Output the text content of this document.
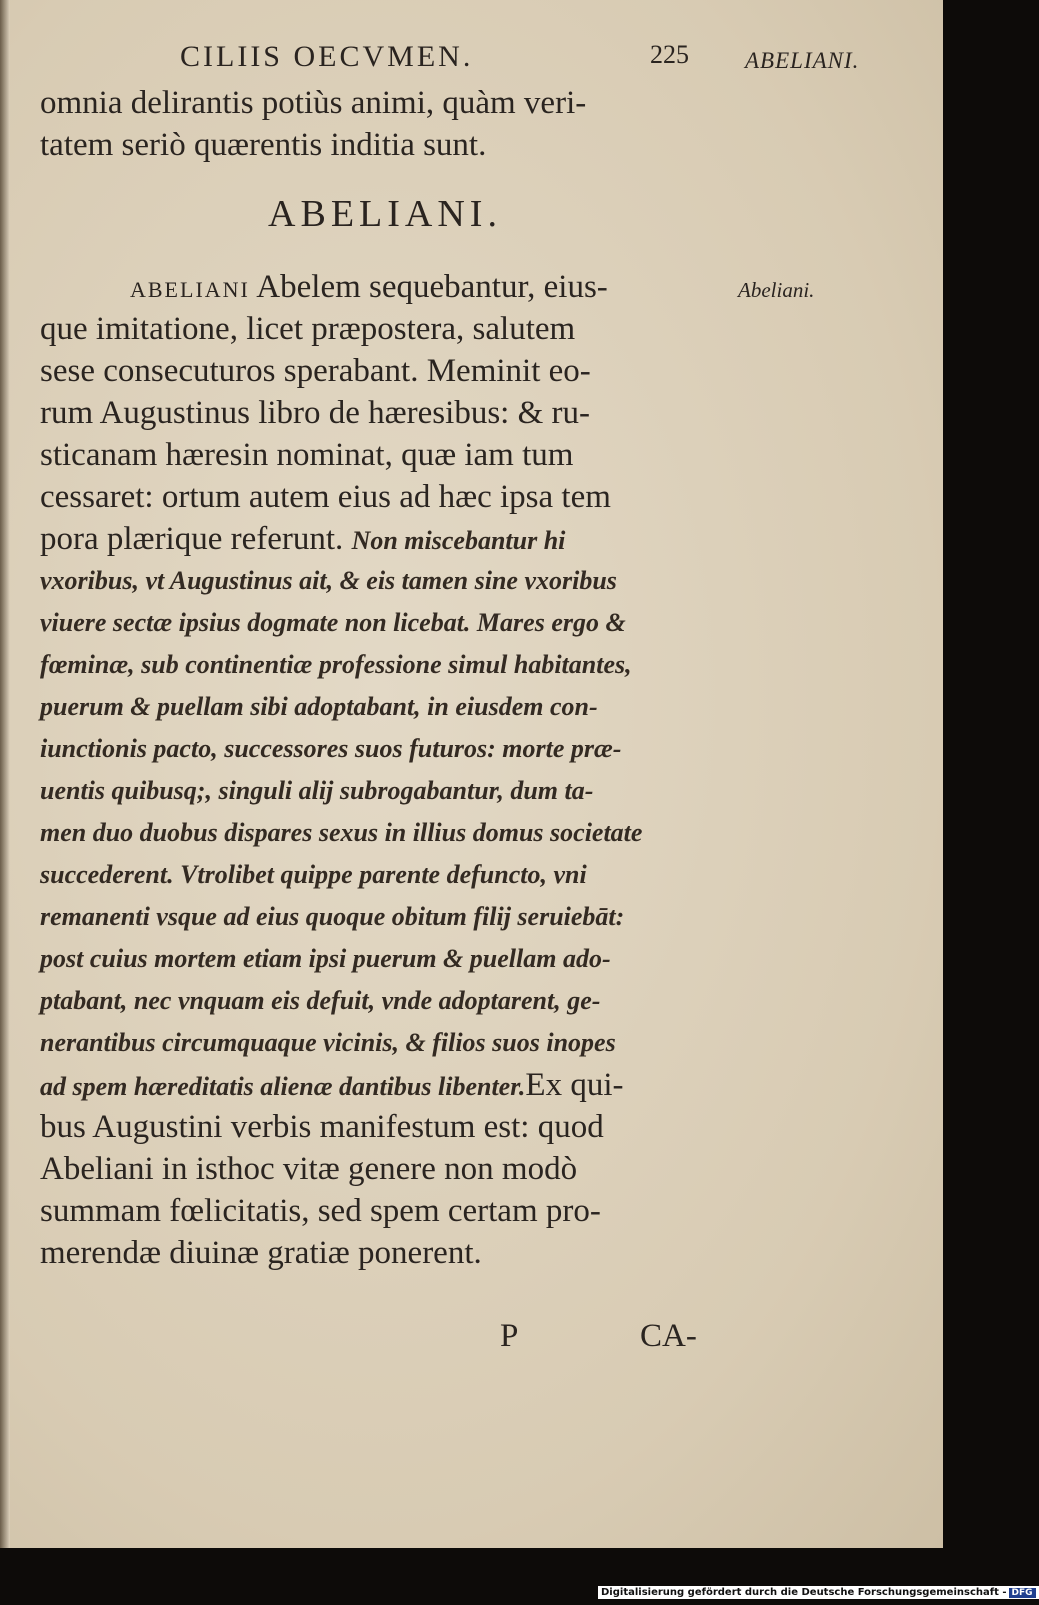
CILIIS OECVMEN.	225 ABELIANI.
Abeliani.
omnia delirantis potiùs animi, quàm veri-
tatem seriò quærentis inditia sunt.
ABELIANI.
ABELIANI Abelem sequebantur, eius-
que imitatione, licet præpostera, salutem
sese consecuturos sperabant. Meminit eo-
rum Augustinus libro de hæresibus: & ru-
sticanam hæresin nominat, quæ iam tum
cessaret: ortum autem eius ad hæc ipsa tem
pora plærique referunt. Non miscebantur hi
vxoribus, vt Augustinus ait, & eis tamen sine vxoribus
viuere sectæ ipsius dogmate non licebat. Mares ergo &
fœminæ, sub continentiæ professione simul habitantes,
puerum & puellam sibi adoptabant, in eiusdem con-
iunctionis pacto, successores suos futuros: morte præ-
uentis quibusq;, singuli alij subrogabantur, dum ta-
men duo duobus dispares sexus in illius domus societate
succederent. Vtrolibet quippe parente defuncto, vni
remanenti vsque ad eius quoque obitum filij seruiebāt:
post cuius mortem etiam ipsi puerum & puellam ado-
ptabant, nec vnquam eis defuit, vnde adoptarent, ge-
nerantibus circumquaque vicinis, & filios suos inopes
ad spem hæreditatis alienæ dantibus libenter.Ex qui-
bus Augustini verbis manifestum est: quod
Abeliani in isthoc vitæ genere non modò
summam fœlicitatis, sed spem certam pro-
merendæ diuinæ gratiæ ponerent.
P	CA-
Digitalisierung gefördert durch die Deutsche Forschungsgemeinschaft - DFG
